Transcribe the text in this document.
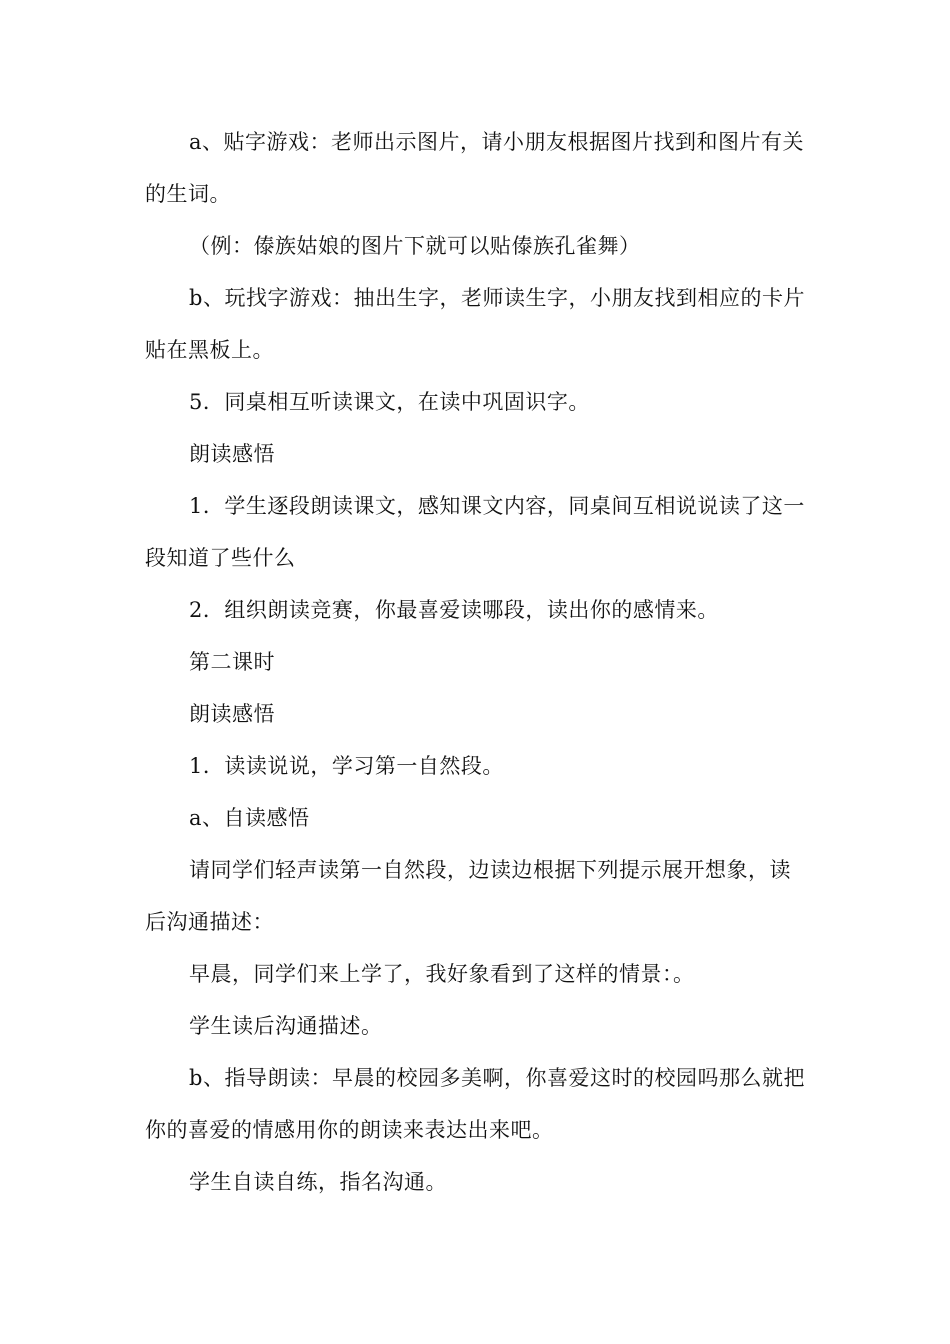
a、贴字游戏：老师出示图片，请小朋友根据图片找到和图片有关的生词。

（例：傣族姑娘的图片下就可以贴傣族孔雀舞）

b、玩找字游戏：抽出生字，老师读生字，小朋友找到相应的卡片贴在黑板上。

5．同桌相互听读课文，在读中巩固识字。

朗读感悟

1．学生逐段朗读课文，感知课文内容，同桌间互相说说读了这一段知道了些什么

2．组织朗读竞赛，你最喜爱读哪段，读出你的感情来。

第二课时

朗读感悟

1．读读说说，学习第一自然段。

a、自读感悟

请同学们轻声读第一自然段，边读边根据下列提示展开想象，读后沟通描述：

早晨，同学们来上学了，我好象看到了这样的情景：。

学生读后沟通描述。

b、指导朗读：早晨的校园多美啊，你喜爱这时的校园吗那么就把你的喜爱的情感用你的朗读来表达出来吧。

学生自读自练，指名沟通。
